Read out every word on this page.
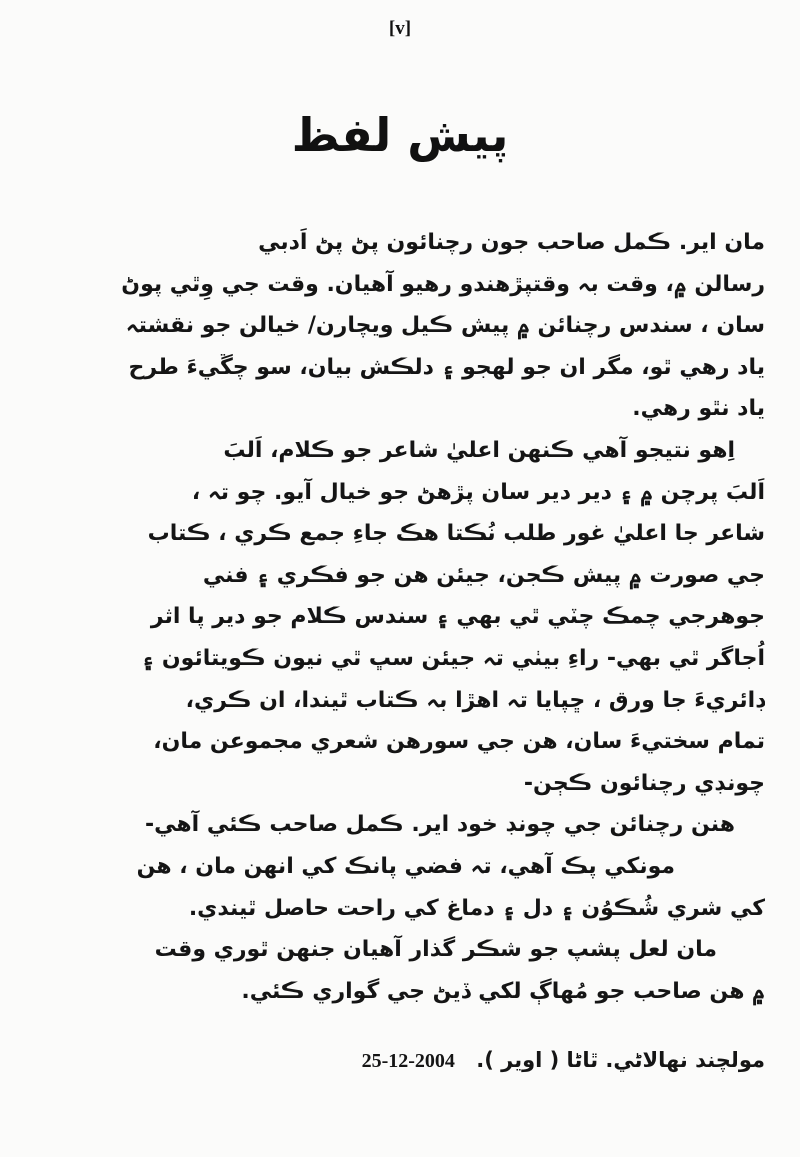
[v]
پيش لفظ
مان اير. ڪمل صاحب جون رچنائون پڻ پڻ اَدبي
رسالن ۾، وقت بہ وقتپڙهندو رهيو آهيان. وقت جي وِٿي پوڻ
سان ، سندس رچنائن ۾ پيش ڪيل ويچارن/ خيالن جو نقشتہ
ياد رهي ٿو، مگر ان جو لهجو ۽ دلڪش بيان، سو چڱيءَ طرح
ياد نٿو رهي.
اِهو نتيجو آهي ڪنهن اعليٰ شاعر جو ڪلام، اَلبَ
اَلبَ پرچن ۾ ۽ دير دير سان پڙهڻ جو خيال آيو. چو تہ ،
شاعر جا اعليٰ غور طلب نُڪتا هڪ جاءِ جمع ڪري ، ڪتاب
جي صورت ۾ پيش ڪجن، جيئن هن جو فڪري ۽ فني
جوهرجي چمڪ چٽي ٿي بهي ۽ سندس ڪلام جو دير پا اثر
اُجاگر ٿي بهي- راءِ بيٺي تہ جيئن سڀ ٿي نيون ڪويتائون ۽
ڊائريءَ جا ورق ، ڇپايا تہ اهڙا بہ ڪتاب ٿيندا، ان ڪري،
تمام سختيءَ سان، هن جي سورهن شعري مجموعن مان،
چونڊي رچنائون ڪڄن-
هنن رچنائن جي چونڊ خود اير. ڪمل صاحب ڪئي آهي-
مونکي پڪ آهي، تہ فضي پانڪ کي انهن مان ، هن
کي شري شُڪوُن ۽ دل ۽ دماغ کي راحت حاصل ٿيندي.
مان لعل پشپ جو شڪر گذار آهيان جنهن ٿوري وقت
۾ هن صاحب جو مُهاڳ لکي ڏيڻ جي گواري ڪئي.
مولچند نهالاڻي. ٿاڻا ( اوير ). 25-12-2004
